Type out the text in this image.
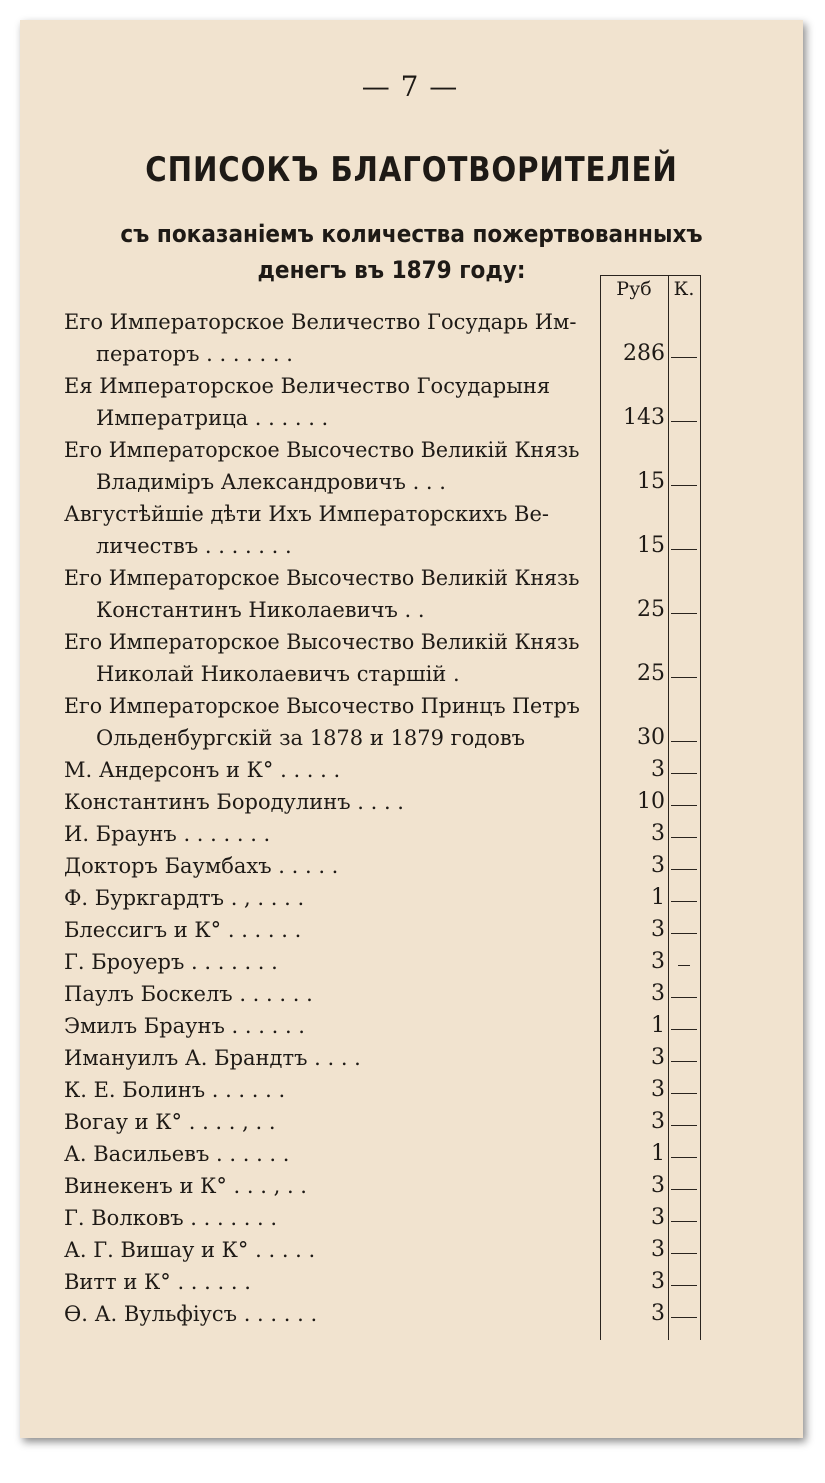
— 7 —
СПИСОКЪ БЛАГОТВОРИТЕЛЕЙ
съ показаніемъ количества пожертвованныхъ
денегъ въ 1879 году:
Руб	К.
Его Императорское Величество Государь Им-
ператоръ . . . . . . .	286
Ея Императорское Величество Государыня
Императрица . . . . . .	143
Его Императорское Высочество Великій Князь
Владиміръ Александровичъ . . .	15
Августѣйшіе дѣти Ихъ Императорскихъ Ве-
личествъ . . . . . . .	15
Его Императорское Высочество Великій Князь
Константинъ Николаевичъ . .	25
Его Императорское Высочество Великій Князь
Николай Николаевичъ старшій .	25
Его Императорское Высочество Принцъ Петръ
Ольденбургскій за 1878 и 1879 годовъ	30
М. Андерсонъ и К° . . . . .	3
Константинъ Бородулинъ . . . .	10
И. Браунъ . . . . . . .	3
Докторъ Баумбахъ . . . . .	3
Ф. Буркгардтъ . , . . . .	1
Блессигъ и К° . . . . . .	3
Г. Броуеръ . . . . . . .	3
Паулъ Боскелъ . . . . . .	3
Эмилъ Браунъ . . . . . .	1
Имануилъ А. Брандтъ . . . .	3
К. Е. Болинъ . . . . . .	3
Вогау и К° . . . . , . .	3
А. Васильевъ . . . . . .	1
Винекенъ и К° . . . , . .	3
Г. Волковъ . . . . . . .	3
А. Г. Вишау и К° . . . . .	3
Витт и К° . . . . . .	3
Ѳ. А. Вульфіусъ . . . . . .	3
